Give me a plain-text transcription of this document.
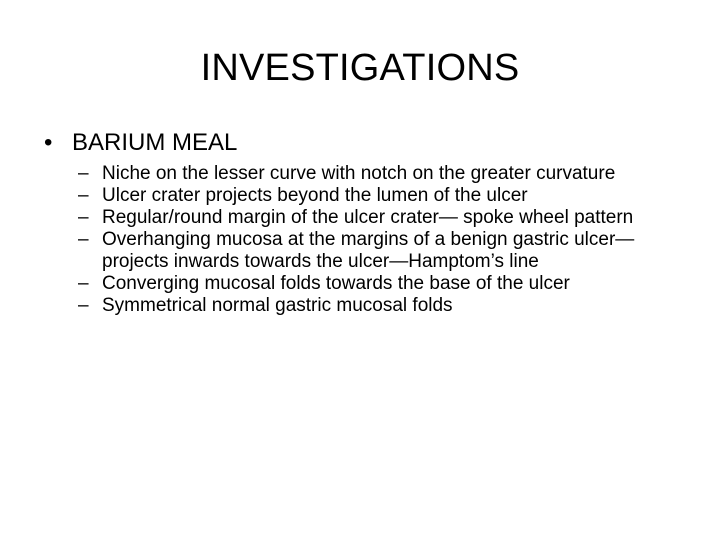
INVESTIGATIONS
• BARIUM MEAL
– Niche on the lesser curve with notch on the greater curvature
– Ulcer crater projects beyond the lumen of the ulcer
– Regular/round margin of the ulcer crater— spoke wheel pattern
– Overhanging mucosa at the margins of a benign gastric ulcer—projects inwards towards the ulcer—Hamptom’s line
– Converging mucosal folds towards the base of the ulcer
– Symmetrical normal gastric mucosal folds
